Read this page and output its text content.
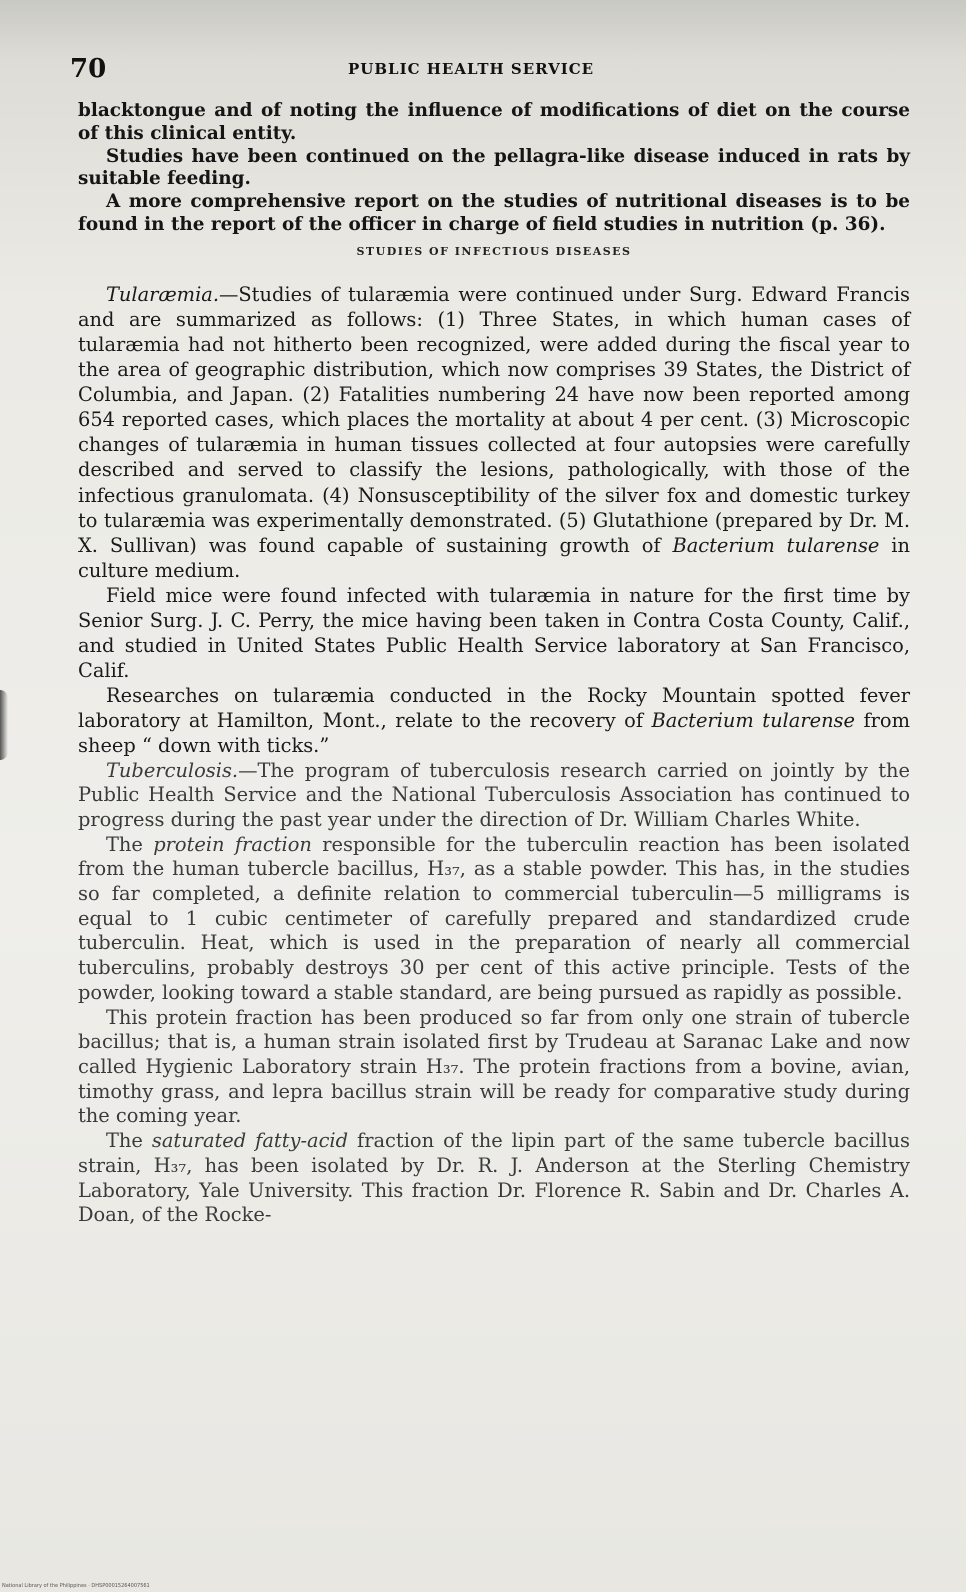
70	PUBLIC HEALTH SERVICE

blacktongue and of noting the influence of modifications of diet on the course of this clinical entity.

Studies have been continued on the pellagra-like disease induced in rats by suitable feeding.

A more comprehensive report on the studies of nutritional diseases is to be found in the report of the officer in charge of field studies in nutrition (p. 36).

STUDIES OF INFECTIOUS DISEASES

Tularæmia.—Studies of tularæmia were continued under Surg. Edward Francis and are summarized as follows: (1) Three States, in which human cases of tularæmia had not hitherto been recognized, were added during the fiscal year to the area of geographic distribution, which now comprises 39 States, the District of Columbia, and Japan. (2) Fatalities numbering 24 have now been reported among 654 reported cases, which places the mortality at about 4 per cent. (3) Microscopic changes of tularæmia in human tissues collected at four autopsies were carefully described and served to classify the lesions, pathologically, with those of the infectious granulomata. (4) Nonsusceptibility of the silver fox and domestic turkey to tularæmia was experimentally demonstrated. (5) Glutathione (prepared by Dr. M. X. Sullivan) was found capable of sustaining growth of Bacterium tularense in culture medium.

Field mice were found infected with tularæmia in nature for the first time by Senior Surg. J. C. Perry, the mice having been taken in Contra Costa County, Calif., and studied in United States Public Health Service laboratory at San Francisco, Calif.

Researches on tularæmia conducted in the Rocky Mountain spotted fever laboratory at Hamilton, Mont., relate to the recovery of Bacterium tularense from sheep “ down with ticks.”

Tuberculosis.—The program of tuberculosis research carried on jointly by the Public Health Service and the National Tuberculosis Association has continued to progress during the past year under the direction of Dr. William Charles White.

The protein fraction responsible for the tuberculin reaction has been isolated from the human tubercle bacillus, H₃₇, as a stable powder. This has, in the studies so far completed, a definite relation to commercial tuberculin—5 milligrams is equal to 1 cubic centimeter of carefully prepared and standardized crude tuberculin. Heat, which is used in the preparation of nearly all commercial tuberculins, probably destroys 30 per cent of this active principle. Tests of the powder, looking toward a stable standard, are being pursued as rapidly as possible.

This protein fraction has been produced so far from only one strain of tubercle bacillus; that is, a human strain isolated first by Trudeau at Saranac Lake and now called Hygienic Laboratory strain H₃₇. The protein fractions from a bovine, avian, timothy grass, and lepra bacillus strain will be ready for comparative study during the coming year.

The saturated fatty-acid fraction of the lipin part of the same tubercle bacillus strain, H₃₇, has been isolated by Dr. R. J. Anderson at the Sterling Chemistry Laboratory, Yale University. This fraction Dr. Florence R. Sabin and Dr. Charles A. Doan, of the Rocke-

National Library of the Philippines · DHSP00015264007561
